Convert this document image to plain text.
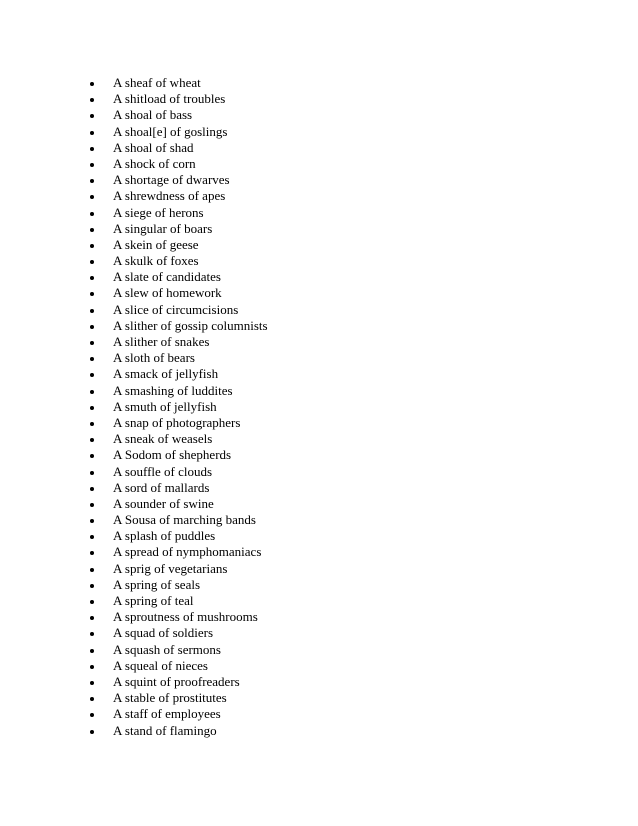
A sheaf of wheat
A shitload of troubles
A shoal of bass
A shoal[e] of goslings
A shoal of shad
A shock of corn
A shortage of dwarves
A shrewdness of apes
A siege of herons
A singular of boars
A skein of geese
A skulk of foxes
A slate of candidates
A slew of homework
A slice of circumcisions
A slither of gossip columnists
A slither of snakes
A sloth of bears
A smack of jellyfish
A smashing of luddites
A smuth of jellyfish
A snap of photographers
A sneak of weasels
A Sodom of shepherds
A souffle of clouds
A sord of mallards
A sounder of swine
A Sousa of marching bands
A splash of puddles
A spread of nymphomaniacs
A sprig of vegetarians
A spring of seals
A spring of teal
A sproutness of mushrooms
A squad of soldiers
A squash of sermons
A squeal of nieces
A squint of proofreaders
A stable of prostitutes
A staff of employees
A stand of flamingo
